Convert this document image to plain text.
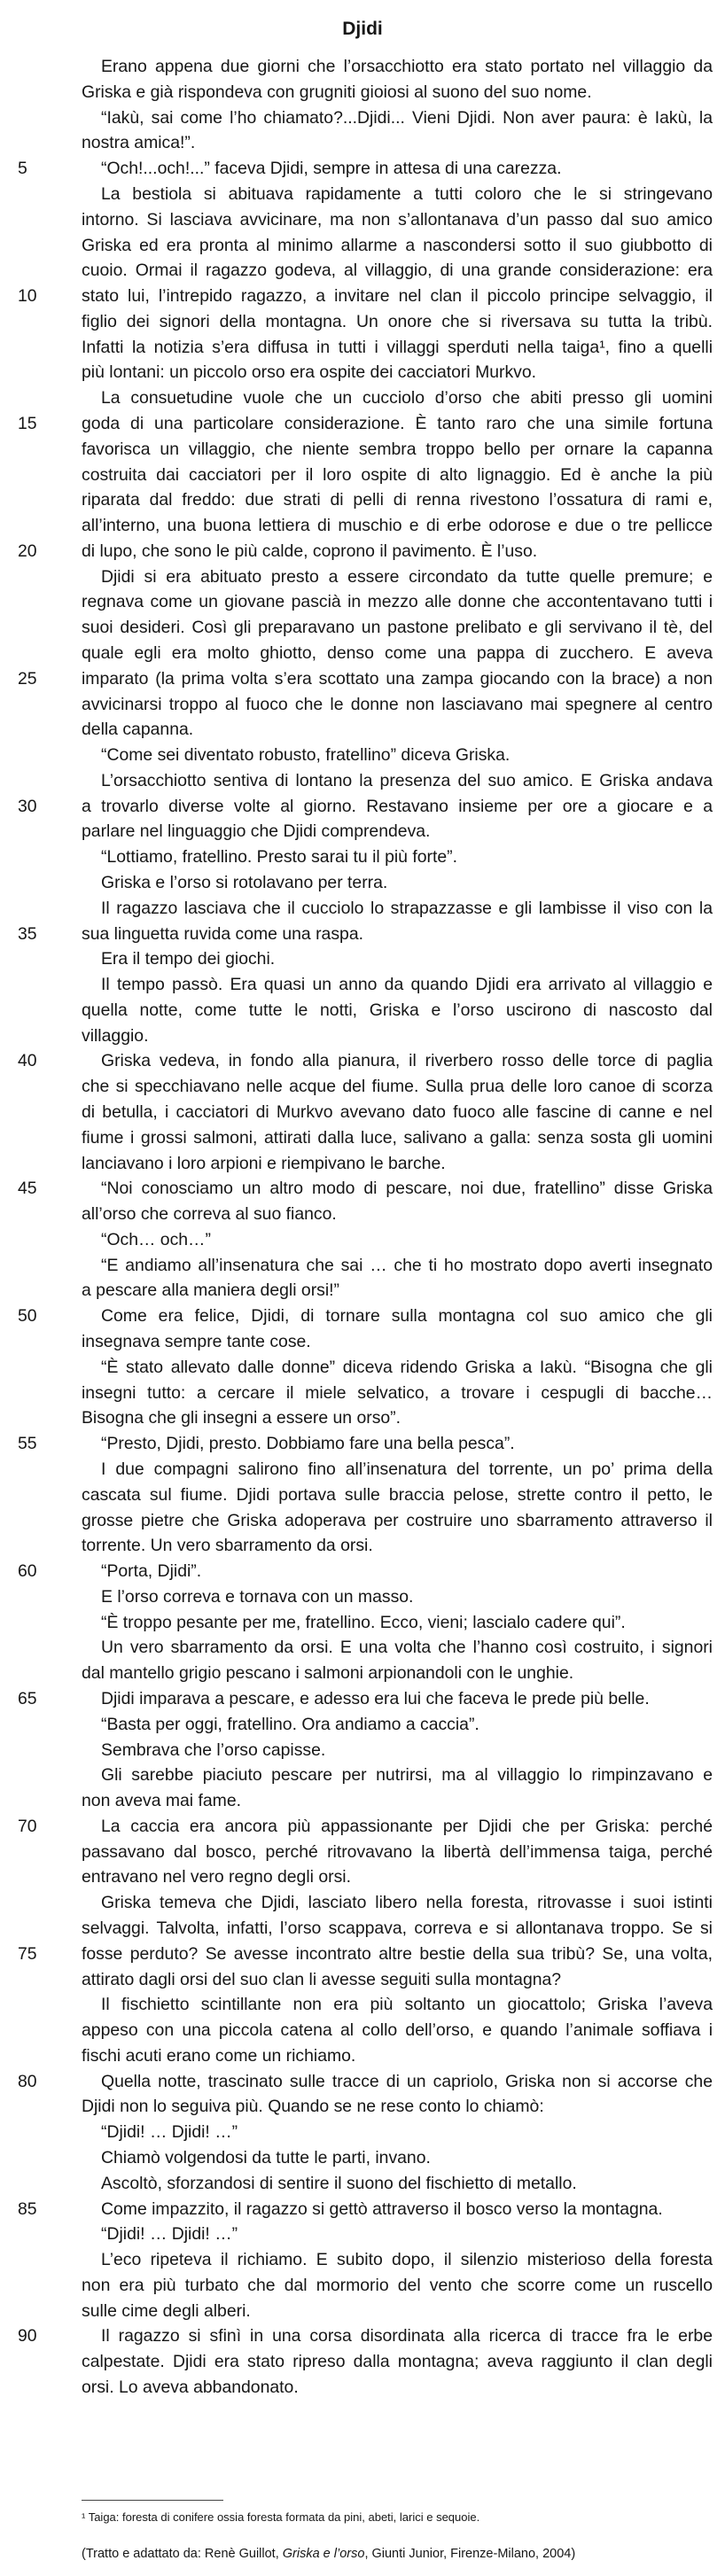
Djidi
Erano appena due giorni che l’orsacchiotto era stato portato nel villaggio da
Griska e già rispondeva con grugniti gioiosi al suono del suo nome.
“Iakù, sai come l’ho chiamato?...Djidi... Vieni Djidi. Non aver paura: è Iakù, la
nostra amica!”.
“Och!...och!...” faceva Djidi, sempre in attesa di una carezza.
La bestiola si abituava rapidamente a tutti coloro che le si stringevano
intorno. Si lasciava avvicinare, ma non s’allontanava d’un passo dal suo amico
Griska ed era pronta al minimo allarme a nascondersi sotto il suo giubbotto di
cuoio. Ormai il ragazzo godeva, al villaggio, di una grande considerazione: era
stato lui, l’intrepido ragazzo, a invitare nel clan il piccolo principe selvaggio, il
figlio dei signori della montagna. Un onore che si riversava su tutta la tribù.
Infatti la notizia s’era diffusa in tutti i villaggi sperduti nella taiga¹, fino a quelli
più lontani: un piccolo orso era ospite dei cacciatori Murkvo.
La consuetudine vuole che un cucciolo d’orso che abiti presso gli uomini
goda di una particolare considerazione. È tanto raro che una simile fortuna
favorisca un villaggio, che niente sembra troppo bello per ornare la capanna
costruita dai cacciatori per il loro ospite di alto lignaggio. Ed è anche la più
riparata dal freddo: due strati di pelli di renna rivestono l’ossatura di rami e,
all’interno, una buona lettiera di muschio e di erbe odorose e due o tre pellicce
di lupo, che sono le più calde, coprono il pavimento. È l’uso.
Djidi si era abituato presto a essere circondato da tutte quelle premure; e
regnava come un giovane pascià in mezzo alle donne che accontentavano tutti i
suoi desideri. Così gli preparavano un pastone prelibato e gli servivano il tè, del
quale egli era molto ghiotto, denso come una pappa di zucchero. E aveva
imparato (la prima volta s’era scottato una zampa giocando con la brace) a non
avvicinarsi troppo al fuoco che le donne non lasciavano mai spegnere al centro
della capanna.
“Come sei diventato robusto, fratellino” diceva Griska.
L’orsacchiotto sentiva di lontano la presenza del suo amico. E Griska andava
a trovarlo diverse volte al giorno. Restavano insieme per ore a giocare e a
parlare nel linguaggio che Djidi comprendeva.
“Lottiamo, fratellino. Presto sarai tu il più forte”.
Griska e l’orso si rotolavano per terra.
Il ragazzo lasciava che il cucciolo lo strapazzasse e gli lambisse il viso con la
sua linguetta ruvida come una raspa.
Era il tempo dei giochi.
Il tempo passò. Era quasi un anno da quando Djidi era arrivato al villaggio e
quella notte, come tutte le notti, Griska e l’orso uscirono di nascosto dal
villaggio.
Griska vedeva, in fondo alla pianura, il riverbero rosso delle torce di paglia
che si specchiavano nelle acque del fiume. Sulla prua delle loro canoe di scorza
di betulla, i cacciatori di Murkvo avevano dato fuoco alle fascine di canne e nel
fiume i grossi salmoni, attirati dalla luce, salivano a galla: senza sosta gli uomini
lanciavano i loro arpioni e riempivano le barche.
“Noi conosciamo un altro modo di pescare, noi due, fratellino” disse Griska
all’orso che correva al suo fianco.
“Och… och…”
“E andiamo all’insenatura che sai … che ti ho mostrato dopo averti insegnato
a pescare alla maniera degli orsi!”
Come era felice, Djidi, di tornare sulla montagna col suo amico che gli
insegnava sempre tante cose.
“È stato allevato dalle donne” diceva ridendo Griska a Iakù. “Bisogna che gli
insegni tutto: a cercare il miele selvatico, a trovare i cespugli di bacche…
Bisogna che gli insegni a essere un orso”.
“Presto, Djidi, presto. Dobbiamo fare una bella pesca”.
I due compagni salirono fino all’insenatura del torrente, un po’ prima della
cascata sul fiume. Djidi portava sulle braccia pelose, strette contro il petto, le
grosse pietre che Griska adoperava per costruire uno sbarramento attraverso il
torrente. Un vero sbarramento da orsi.
“Porta, Djidi”.
E l’orso correva e tornava con un masso.
“È troppo pesante per me, fratellino. Ecco, vieni; lascialo cadere qui”.
Un vero sbarramento da orsi. E una volta che l’hanno così costruito, i signori
dal mantello grigio pescano i salmoni arpionandoli con le unghie.
Djidi imparava a pescare, e adesso era lui che faceva le prede più belle.
“Basta per oggi, fratellino. Ora andiamo a caccia”.
Sembrava che l’orso capisse.
Gli sarebbe piaciuto pescare per nutrirsi, ma al villaggio lo rimpinzavano e
non aveva mai fame.
La caccia era ancora più appassionante per Djidi che per Griska: perché
passavano dal bosco, perché ritrovavano la libertà dell’immensa taiga, perché
entravano nel vero regno degli orsi.
Griska temeva che Djidi, lasciato libero nella foresta, ritrovasse i suoi istinti
selvaggi. Talvolta, infatti, l’orso scappava, correva e si allontanava troppo. Se si
fosse perduto? Se avesse incontrato altre bestie della sua tribù? Se, una volta,
attirato dagli orsi del suo clan li avesse seguiti sulla montagna?
Il fischietto scintillante non era più soltanto un giocattolo; Griska l’aveva
appeso con una piccola catena al collo dell’orso, e quando l’animale soffiava i
fischi acuti erano come un richiamo.
Quella notte, trascinato sulle tracce di un capriolo, Griska non si accorse che
Djidi non lo seguiva più. Quando se ne rese conto lo chiamò:
“Djidi! … Djidi! …”
Chiamò volgendosi da tutte le parti, invano.
Ascoltò, sforzandosi di sentire il suono del fischietto di metallo.
Come impazzito, il ragazzo si gettò attraverso il bosco verso la montagna.
“Djidi! … Djidi! …”
L’eco ripeteva il richiamo. E subito dopo, il silenzio misterioso della foresta
non era più turbato che dal mormorio del vento che scorre come un ruscello
sulle cime degli alberi.
Il ragazzo si sfinì in una corsa disordinata alla ricerca di tracce fra le erbe
calpestate. Djidi era stato ripreso dalla montagna; aveva raggiunto il clan degli
orsi. Lo aveva abbandonato.
5
10
15
20
25
30
35
40
45
50
55
60
65
70
75
80
85
90
¹ Taiga: foresta di conifere ossia foresta formata da pini, abeti, larici e sequoie.
(Tratto e adattato da: Renè Guillot, Griska e l’orso, Giunti Junior, Firenze-Milano, 2004)
